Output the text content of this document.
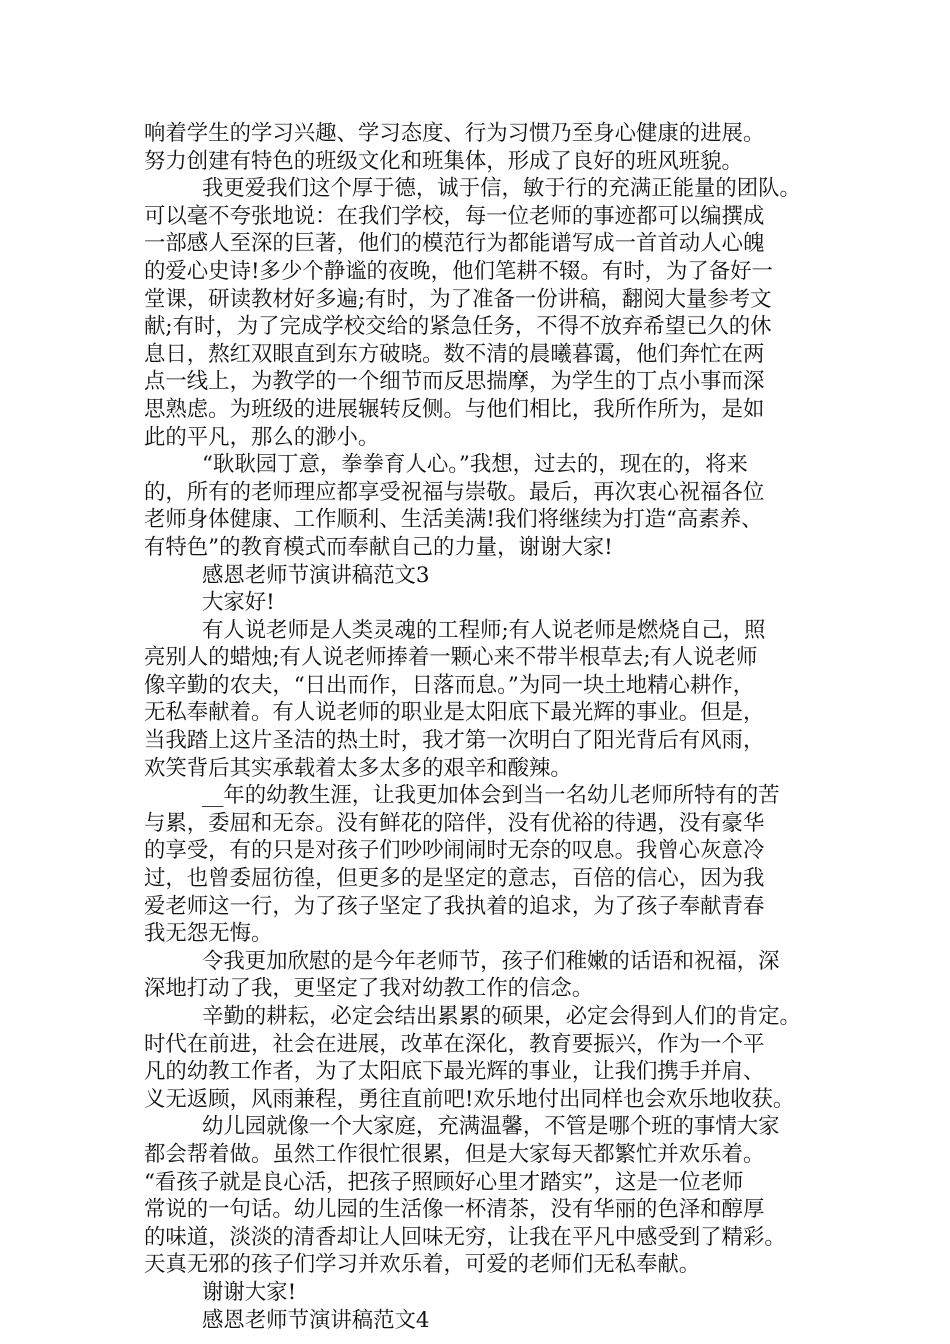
响着学生的学习兴趣、学习态度、行为习惯乃至身心健康的进展。
努力创建有特色的班级文化和班集体，形成了良好的班风班貌。
我更爱我们这个厚于德，诚于信，敏于行的充满正能量的团队。
可以毫不夸张地说：在我们学校，每一位老师的事迹都可以编撰成
一部感人至深的巨著，他们的模范行为都能谱写成一首首动人心魄
的爱心史诗!多少个静谧的夜晚，他们笔耕不辍。有时，为了备好一
堂课，研读教材好多遍;有时，为了准备一份讲稿，翻阅大量参考文
献;有时，为了完成学校交给的紧急任务，不得不放弃希望已久的休
息日，熬红双眼直到东方破晓。数不清的晨曦暮霭，他们奔忙在两
点一线上，为教学的一个细节而反思揣摩，为学生的丁点小事而深
思熟虑。为班级的进展辗转反侧。与他们相比，我所作所为，是如
此的平凡，那么的渺小。
“耿耿园丁意，拳拳育人心。”我想，过去的，现在的，将来
的，所有的老师理应都享受祝福与崇敬。最后，再次衷心祝福各位
老师身体健康、工作顺利、生活美满!我们将继续为打造“高素养、
有特色”的教育模式而奉献自己的力量，谢谢大家!
感恩老师节演讲稿范文3
大家好!
有人说老师是人类灵魂的工程师;有人说老师是燃烧自己，照
亮别人的蜡烛;有人说老师捧着一颗心来不带半根草去;有人说老师
像辛勤的农夫，“日出而作，日落而息。”为同一块土地精心耕作，
无私奉献着。有人说老师的职业是太阳底下最光辉的事业。但是，
当我踏上这片圣洁的热土时，我才第一次明白了阳光背后有风雨，
欢笑背后其实承载着太多太多的艰辛和酸辣。
__年的幼教生涯，让我更加体会到当一名幼儿老师所特有的苦
与累，委屈和无奈。没有鲜花的陪伴，没有优裕的待遇，没有豪华
的享受，有的只是对孩子们吵吵闹闹时无奈的叹息。我曾心灰意冷
过，也曾委屈彷徨，但更多的是坚定的意志，百倍的信心，因为我
爱老师这一行，为了孩子坚定了我执着的追求，为了孩子奉献青春
我无怨无悔。
令我更加欣慰的是今年老师节，孩子们稚嫩的话语和祝福，深
深地打动了我，更坚定了我对幼教工作的信念。
辛勤的耕耘，必定会结出累累的硕果，必定会得到人们的肯定。
时代在前进，社会在进展，改革在深化，教育要振兴，作为一个平
凡的幼教工作者，为了太阳底下最光辉的事业，让我们携手并肩、
义无返顾，风雨兼程，勇往直前吧!欢乐地付出同样也会欢乐地收获。
幼儿园就像一个大家庭，充满温馨，不管是哪个班的事情大家
都会帮着做。虽然工作很忙很累，但是大家每天都繁忙并欢乐着。
“看孩子就是良心活，把孩子照顾好心里才踏实”，这是一位老师
常说的一句话。幼儿园的生活像一杯清茶，没有华丽的色泽和醇厚
的味道，淡淡的清香却让人回味无穷，让我在平凡中感受到了精彩。
天真无邪的孩子们学习并欢乐着，可爱的老师们无私奉献。
谢谢大家!
感恩老师节演讲稿范文4
